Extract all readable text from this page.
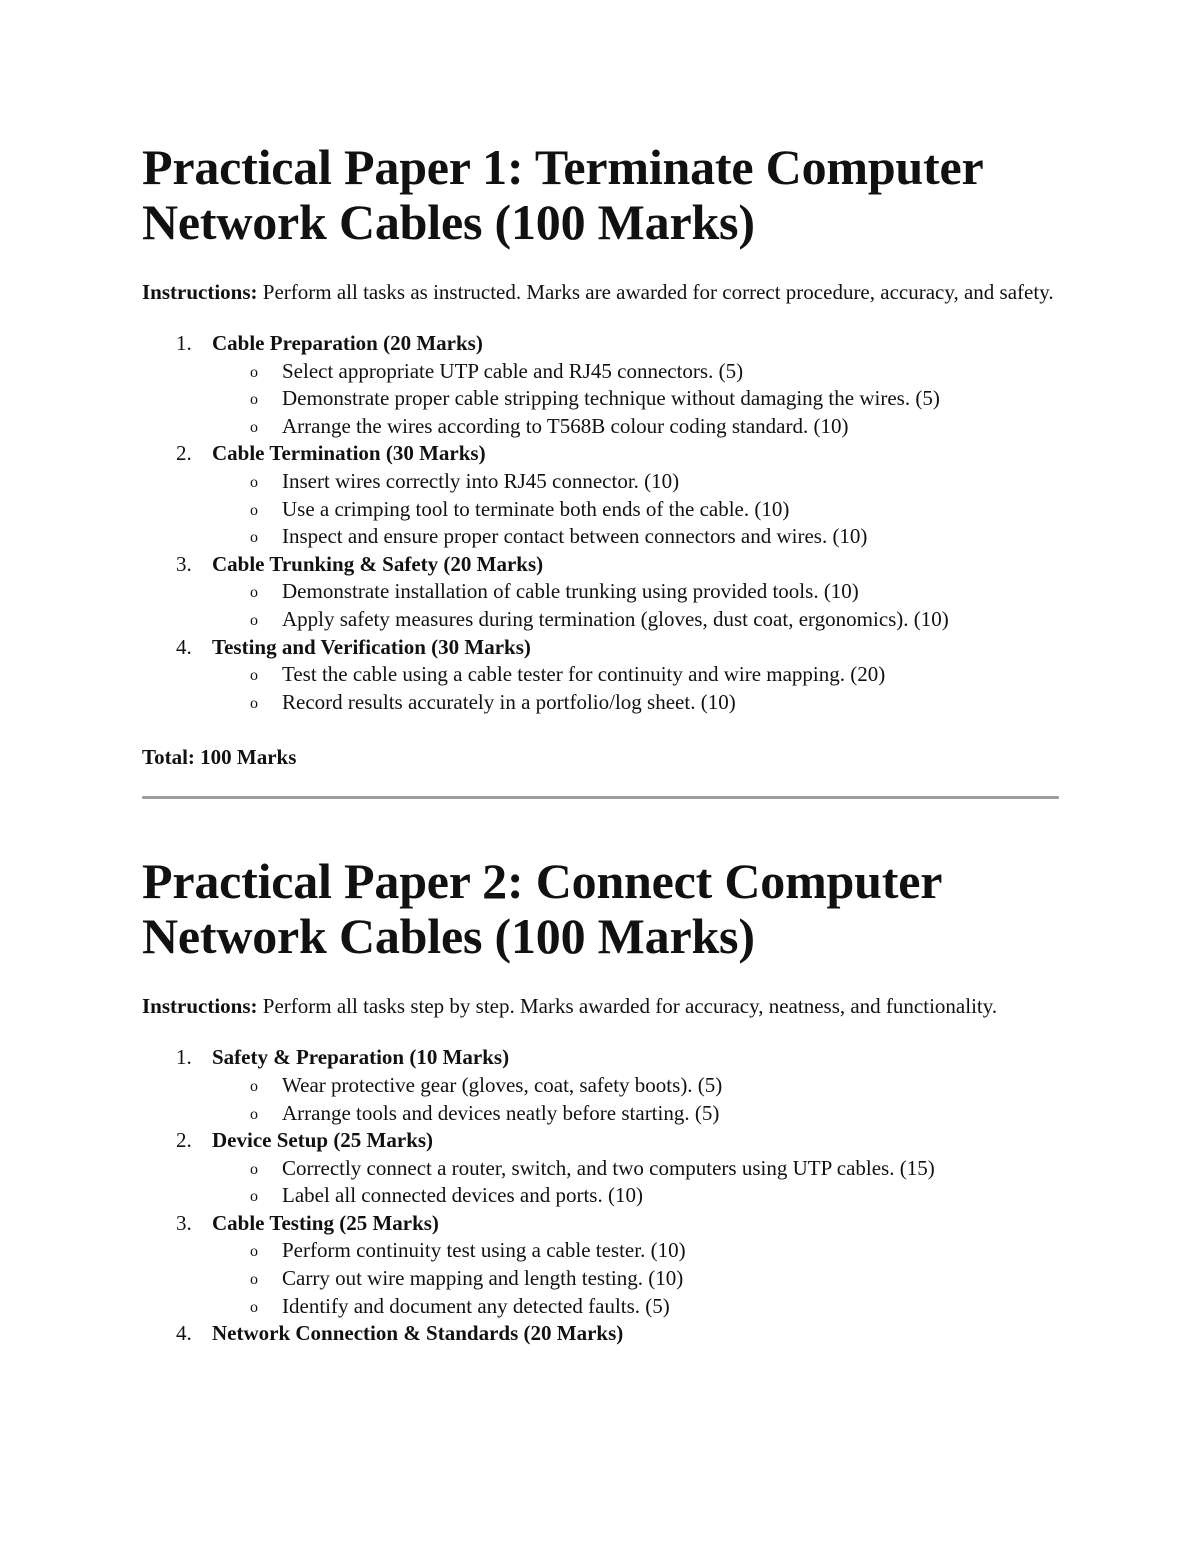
Practical Paper 1: Terminate Computer Network Cables (100 Marks)

Instructions: Perform all tasks as instructed. Marks are awarded for correct procedure, accuracy, and safety.

1. Cable Preparation (20 Marks)
o Select appropriate UTP cable and RJ45 connectors. (5)
o Demonstrate proper cable stripping technique without damaging the wires. (5)
o Arrange the wires according to T568B colour coding standard. (10)
2. Cable Termination (30 Marks)
o Insert wires correctly into RJ45 connector. (10)
o Use a crimping tool to terminate both ends of the cable. (10)
o Inspect and ensure proper contact between connectors and wires. (10)
3. Cable Trunking & Safety (20 Marks)
o Demonstrate installation of cable trunking using provided tools. (10)
o Apply safety measures during termination (gloves, dust coat, ergonomics). (10)
4. Testing and Verification (30 Marks)
o Test the cable using a cable tester for continuity and wire mapping. (20)
o Record results accurately in a portfolio/log sheet. (10)

Total: 100 Marks

Practical Paper 2: Connect Computer Network Cables (100 Marks)

Instructions: Perform all tasks step by step. Marks awarded for accuracy, neatness, and functionality.

1. Safety & Preparation (10 Marks)
o Wear protective gear (gloves, coat, safety boots). (5)
o Arrange tools and devices neatly before starting. (5)
2. Device Setup (25 Marks)
o Correctly connect a router, switch, and two computers using UTP cables. (15)
o Label all connected devices and ports. (10)
3. Cable Testing (25 Marks)
o Perform continuity test using a cable tester. (10)
o Carry out wire mapping and length testing. (10)
o Identify and document any detected faults. (5)
4. Network Connection & Standards (20 Marks)
